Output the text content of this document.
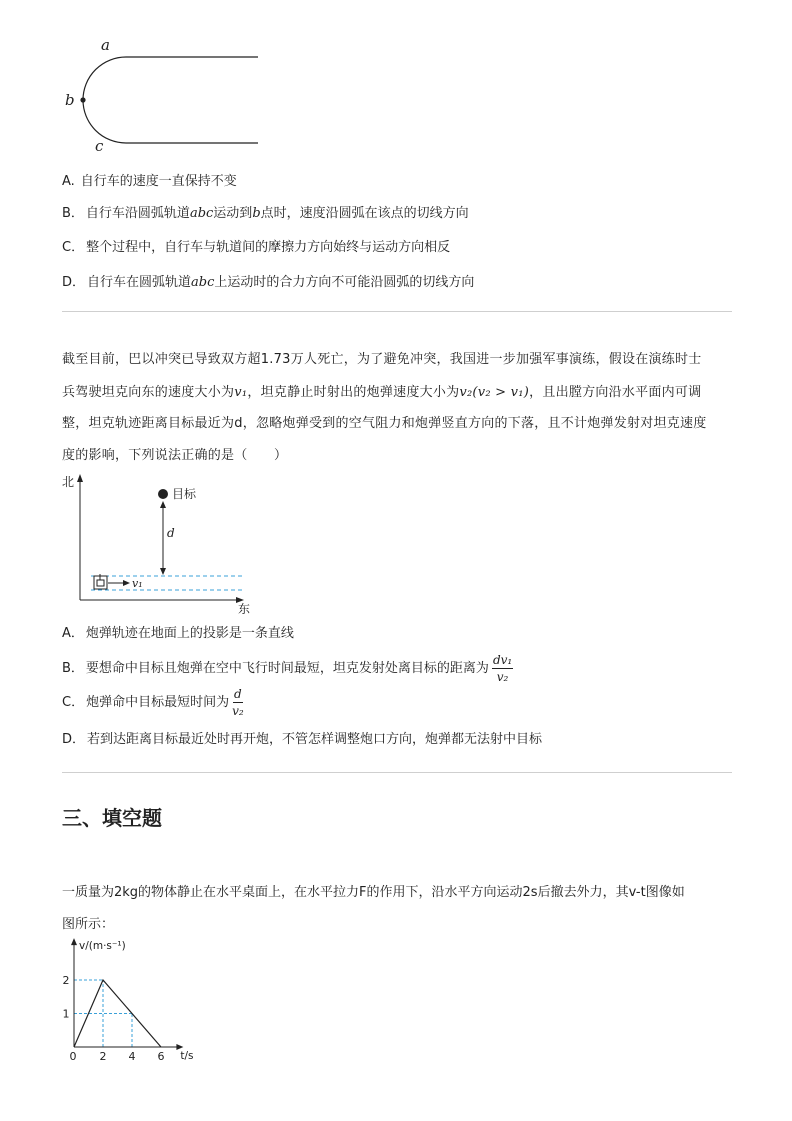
a
b
c
A. 自行车的速度一直保持不变
B． 自行车沿圆弧轨道abc运动到b点时，速度沿圆弧在该点的切线方向
C． 整个过程中，自行车与轨道间的摩擦力方向始终与运动方向相反
D． 自行车在圆弧轨道abc上运动时的合力方向不可能沿圆弧的切线方向
截至目前，巴以冲突已导致双方超1.73万人死亡，为了避免冲突，我国进一步加强军事演练，假设在演练时士
兵驾驶坦克向东的速度大小为v₁，坦克静止时射出的炮弹速度大小为v₂(v₂ > v₁)，且出膛方向沿水平面内可调
整，坦克轨迹距离目标最近为d，忽略炮弹受到的空气阻力和炮弹竖直方向的下落，且不计炮弹发射对坦克速度
度的影响，下列说法正确的是（　　）
北
东
目标
d
v₁
A． 炮弹轨迹在地面上的投影是一条直线
B． 要想命中目标且炮弹在空中飞行时间最短，坦克发射处离目标的距离为 $\frac{\text{dv₁}}{\text{v₂}}$
C． 炮弹命中目标最短时间为 $\frac{d}{\text{v₂}}$
D． 若到达距离目标最近处时再开炮，不管怎样调整炮口方向，炮弹都无法射中目标
三、填空题
一质量为2kg的物体静止在水平桌面上，在水平拉力F的作用下，沿水平方向运动2s后撤去外力，其v-t图像如
图所示：
0 2 4 6
1
2
v/(m·s⁻¹)
t/s
